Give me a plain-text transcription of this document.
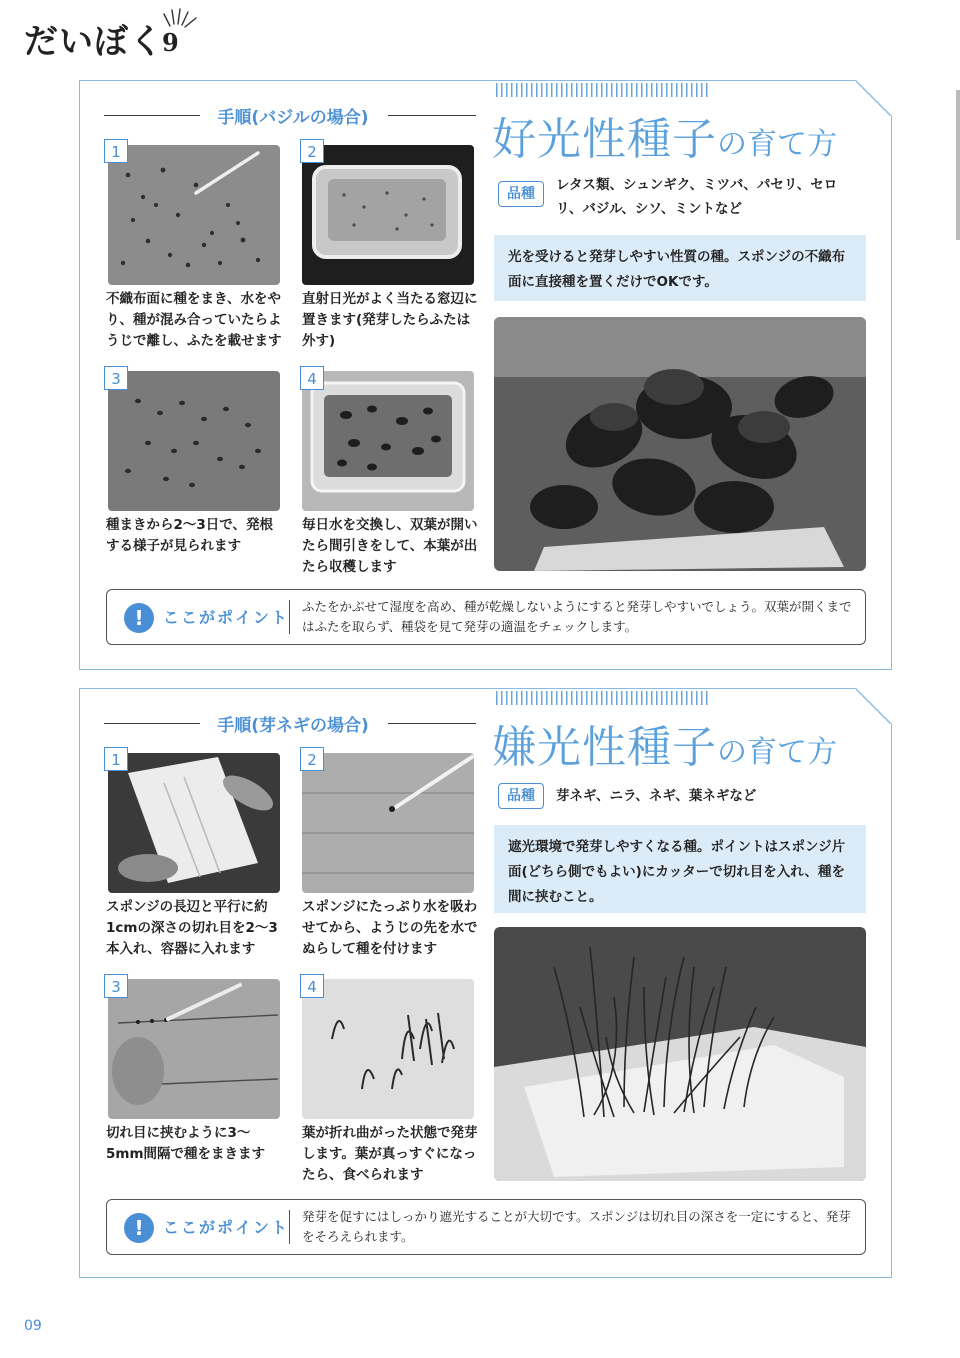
だいぼく
9
手順(バジルの場合)
1
不織布面に種をまき、水をやり、種が混み合っていたらようじで離し、ふたを載せます
2
直射日光がよく当たる窓辺に置きます(発芽したらふたは外す)
3
種まきから2〜3日で、発根する様子が見られます
4
毎日水を交換し、双葉が開いたら間引きをして、本葉が出たら収穫します
好光性種子の育て方
品種
レタス類、シュンギク、ミツバ、パセリ、セロリ、バジル、シソ、ミントなど
光を受けると発芽しやすい性質の種。スポンジの不織布面に直接種を置くだけでOKです。
!	ここがポイント
ふたをかぶせて湿度を高め、種が乾燥しないようにすると発芽しやすいでしょう。双葉が開くまではふたを取らず、種袋を見て発芽の適温をチェックします。
手順(芽ネギの場合)
1
スポンジの長辺と平行に約1cmの深さの切れ目を2〜3本入れ、容器に入れます
2
スポンジにたっぷり水を吸わせてから、ようじの先を水でぬらして種を付けます
3
切れ目に挟むように3〜5mm間隔で種をまきます
4
葉が折れ曲がった状態で発芽します。葉が真っすぐになったら、食べられます
嫌光性種子の育て方
品種	芽ネギ、ニラ、ネギ、葉ネギなど
遮光環境で発芽しやすくなる種。ポイントはスポンジ片面(どちら側でもよい)にカッターで切れ目を入れ、種を間に挟むこと。
!	ここがポイント
発芽を促すにはしっかり遮光することが大切です。スポンジは切れ目の深さを一定にすると、発芽をそろえられます。
09
